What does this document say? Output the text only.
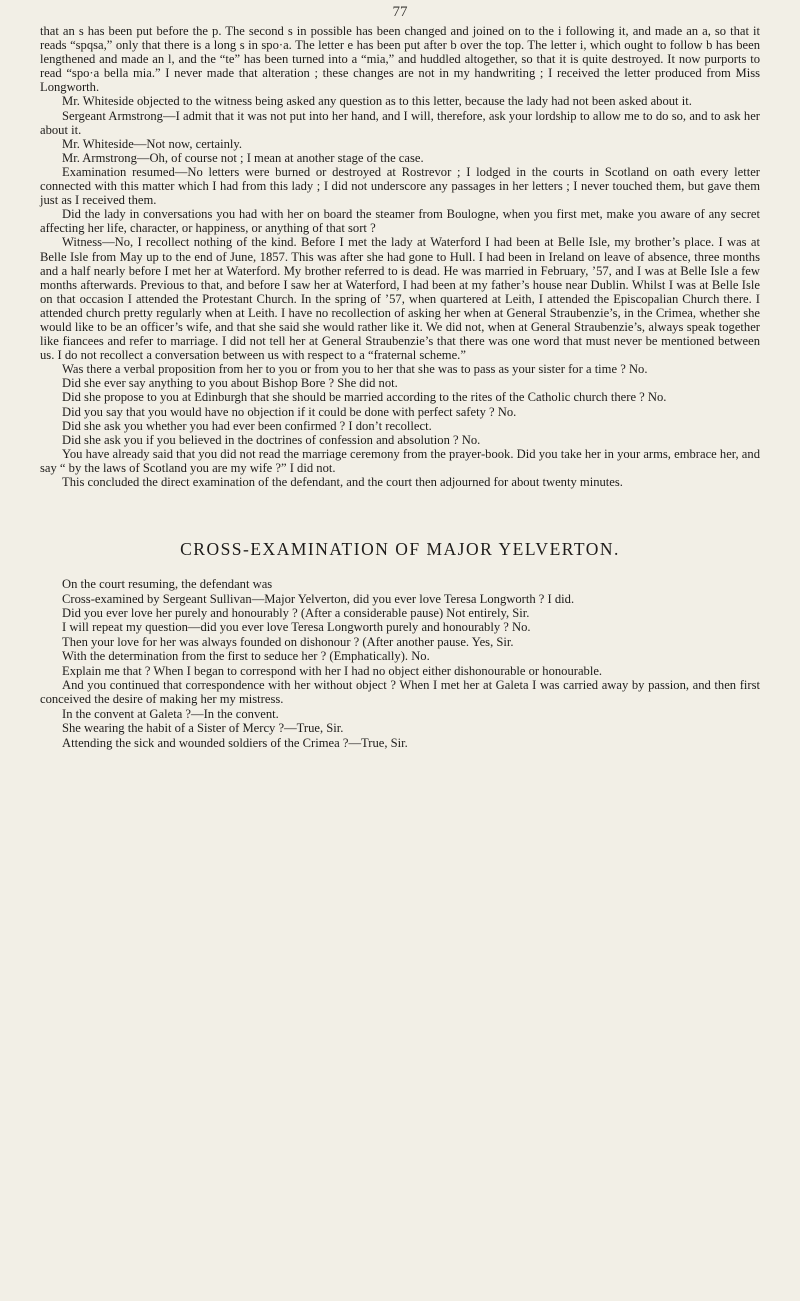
77

that an s has been put before the p. The second s in possible has been changed and joined on to the i following it, and made an a, so that it reads “spqsa,” only that there is a long s in spo·a. The letter e has been put after b over the top. The letter i, which ought to follow b has been lengthened and made an l, and the “te” has been turned into a “mia,” and huddled altogether, so that it is quite destroyed. It now purports to read “spo·a bella mia.” I never made that alteration ; these changes are not in my handwriting ; I received the letter produced from Miss Longworth.

Mr. Whiteside objected to the witness being asked any question as to this letter, because the lady had not been asked about it.

Sergeant Armstrong—I admit that it was not put into her hand, and I will, therefore, ask your lordship to allow me to do so, and to ask her about it.

Mr. Whiteside—Not now, certainly.

Mr. Armstrong—Oh, of course not ; I mean at another stage of the case.

Examination resumed—No letters were burned or destroyed at Rostrevor ; I lodged in the courts in Scotland on oath every letter connected with this matter which I had from this lady ; I did not underscore any passages in her letters ; I never touched them, but gave them just as I received them.

Did the lady in conversations you had with her on board the steamer from Boulogne, when you first met, make you aware of any secret affecting her life, character, or happiness, or anything of that sort ?

Witness—No, I recollect nothing of the kind. Before I met the lady at Waterford I had been at Belle Isle, my brother’s place. I was at Belle Isle from May up to the end of June, 1857. This was after she had gone to Hull. I had been in Ireland on leave of absence, three months and a half nearly before I met her at Waterford. My brother referred to is dead. He was married in February, ’57, and I was at Belle Isle a few months afterwards. Previous to that, and before I saw her at Waterford, I had been at my father’s house near Dublin. Whilst I was at Belle Isle on that occasion I attended the Protestant Church. In the spring of ’57, when quartered at Leith, I attended the Episcopalian Church there. I attended church pretty regularly when at Leith. I have no recollection of asking her when at General Straubenzie’s, in the Crimea, whether she would like to be an officer’s wife, and that she said she would rather like it. We did not, when at General Straubenzie’s, always speak together like fiancees and refer to marriage. I did not tell her at General Straubenzie’s that there was one word that must never be mentioned between us. I do not recollect a conversation between us with respect to a “fraternal scheme.”

Was there a verbal proposition from her to you or from you to her that she was to pass as your sister for a time ? No.

Did she ever say anything to you about Bishop Bore ? She did not.

Did she propose to you at Edinburgh that she should be married according to the rites of the Catholic church there ? No.

Did you say that you would have no objection if it could be done with perfect safety ? No.

Did she ask you whether you had ever been confirmed ? I don’t recollect.

Did she ask you if you believed in the doctrines of confession and absolution ? No.

You have already said that you did not read the marriage ceremony from the prayer-book. Did you take her in your arms, embrace her, and say “ by the laws of Scotland you are my wife ?” I did not.

This concluded the direct examination of the defendant, and the court then adjourned for about twenty minutes.

CROSS-EXAMINATION OF MAJOR YELVERTON.

On the court resuming, the defendant was

Cross-examined by Sergeant Sullivan—Major Yelverton, did you ever love Teresa Longworth ? I did.

Did you ever love her purely and honourably ? (After a considerable pause) Not entirely, Sir.

I will repeat my question—did you ever love Teresa Longworth purely and honourably ? No.

Then your love for her was always founded on dishonour ? (After another pause. Yes, Sir.

With the determination from the first to seduce her ? (Emphatically). No.

Explain me that ? When I began to correspond with her I had no object either dishonourable or honourable.

And you continued that correspondence with her without object ? When I met her at Galeta I was carried away by passion, and then first conceived the desire of making her my mistress.

In the convent at Galeta ?—In the convent.

She wearing the habit of a Sister of Mercy ?—True, Sir.

Attending the sick and wounded soldiers of the Crimea ?—True, Sir.
